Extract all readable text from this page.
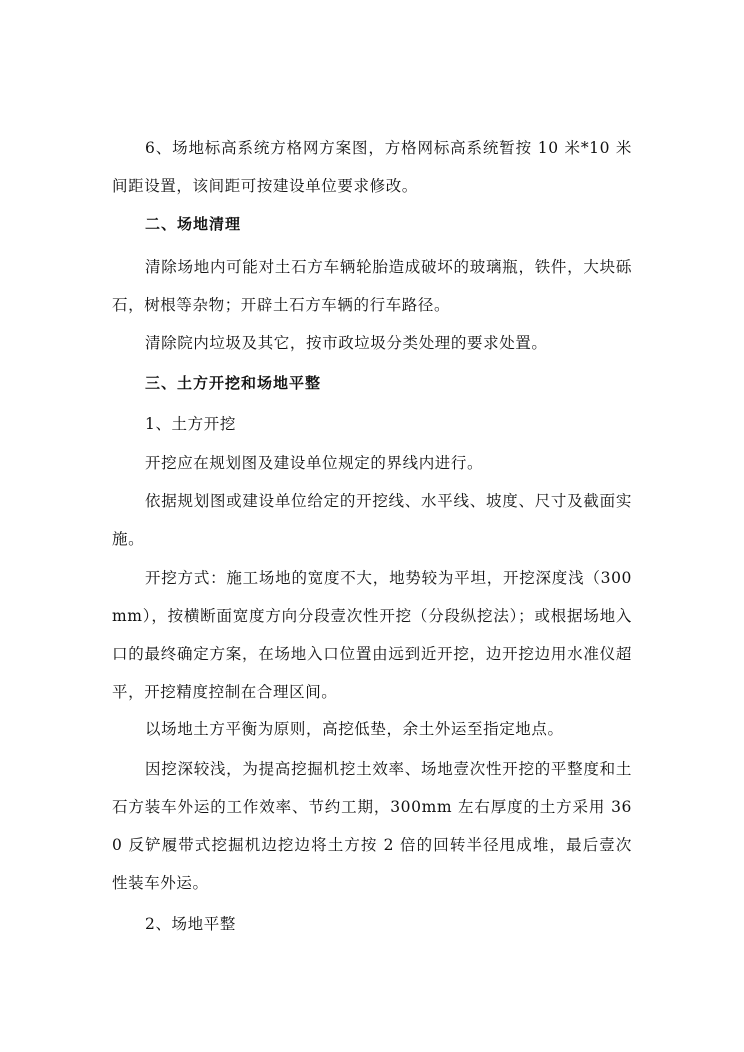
6、场地标高系统方格网方案图，方格网标高系统暂按 10 米*10 米间距设置，该间距可按建设单位要求修改。
二、场地清理
清除场地内可能对土石方车辆轮胎造成破坏的玻璃瓶，铁件，大块砾石，树根等杂物；开辟土石方车辆的行车路径。
清除院内垃圾及其它，按市政垃圾分类处理的要求处置。
三、土方开挖和场地平整
1、土方开挖
开挖应在规划图及建设单位规定的界线内进行。
依据规划图或建设单位给定的开挖线、水平线、坡度、尺寸及截面实施。
开挖方式：施工场地的宽度不大，地势较为平坦，开挖深度浅（300mm），按横断面宽度方向分段壹次性开挖（分段纵挖法）；或根据场地入口的最终确定方案，在场地入口位置由远到近开挖，边开挖边用水准仪超平，开挖精度控制在合理区间。
以场地土方平衡为原则，高挖低垫，余土外运至指定地点。
因挖深较浅，为提高挖掘机挖土效率、场地壹次性开挖的平整度和土石方装车外运的工作效率、节约工期，300mm 左右厚度的土方采用 360 反铲履带式挖掘机边挖边将土方按 2 倍的回转半径甩成堆，最后壹次性装车外运。
2、场地平整
